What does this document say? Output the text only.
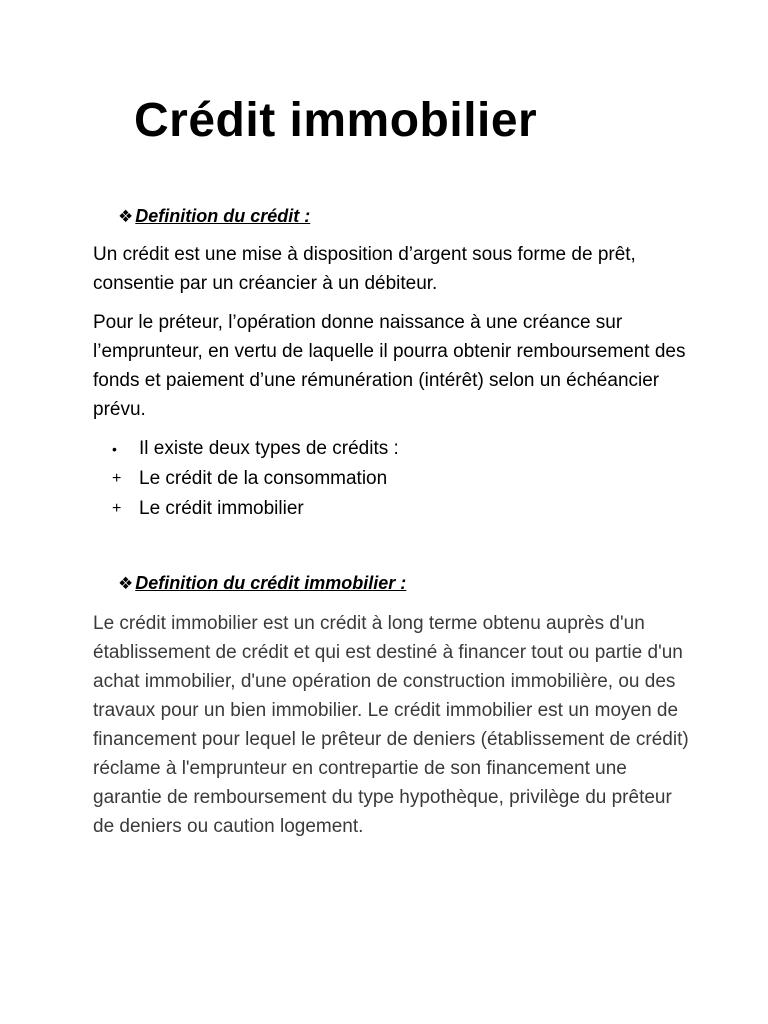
Crédit immobilier
❖ Definition du crédit :

Un crédit est une mise à disposition d’argent sous forme de prêt, consentie par un créancier à un débiteur.

Pour le préteur, l’opération donne naissance à une créance sur l’emprunteur, en vertu de laquelle il pourra obtenir remboursement des fonds et paiement d’une rémunération (intérêt) selon un échéancier prévu.

•	Il existe deux types de crédits :
+ Le crédit de la consommation
+ Le crédit immobilier
❖ Definition du crédit immobilier :

Le crédit immobilier est un crédit à long terme obtenu auprès d'un établissement de crédit et qui est destiné à financer tout ou partie d'un achat immobilier, d'une opération de construction immobilière, ou des travaux pour un bien immobilier. Le crédit immobilier est un moyen de financement pour lequel le prêteur de deniers (établissement de crédit) réclame à l'emprunteur en contrepartie de son financement une garantie de remboursement du type hypothèque, privilège du prêteur de deniers ou caution logement.
